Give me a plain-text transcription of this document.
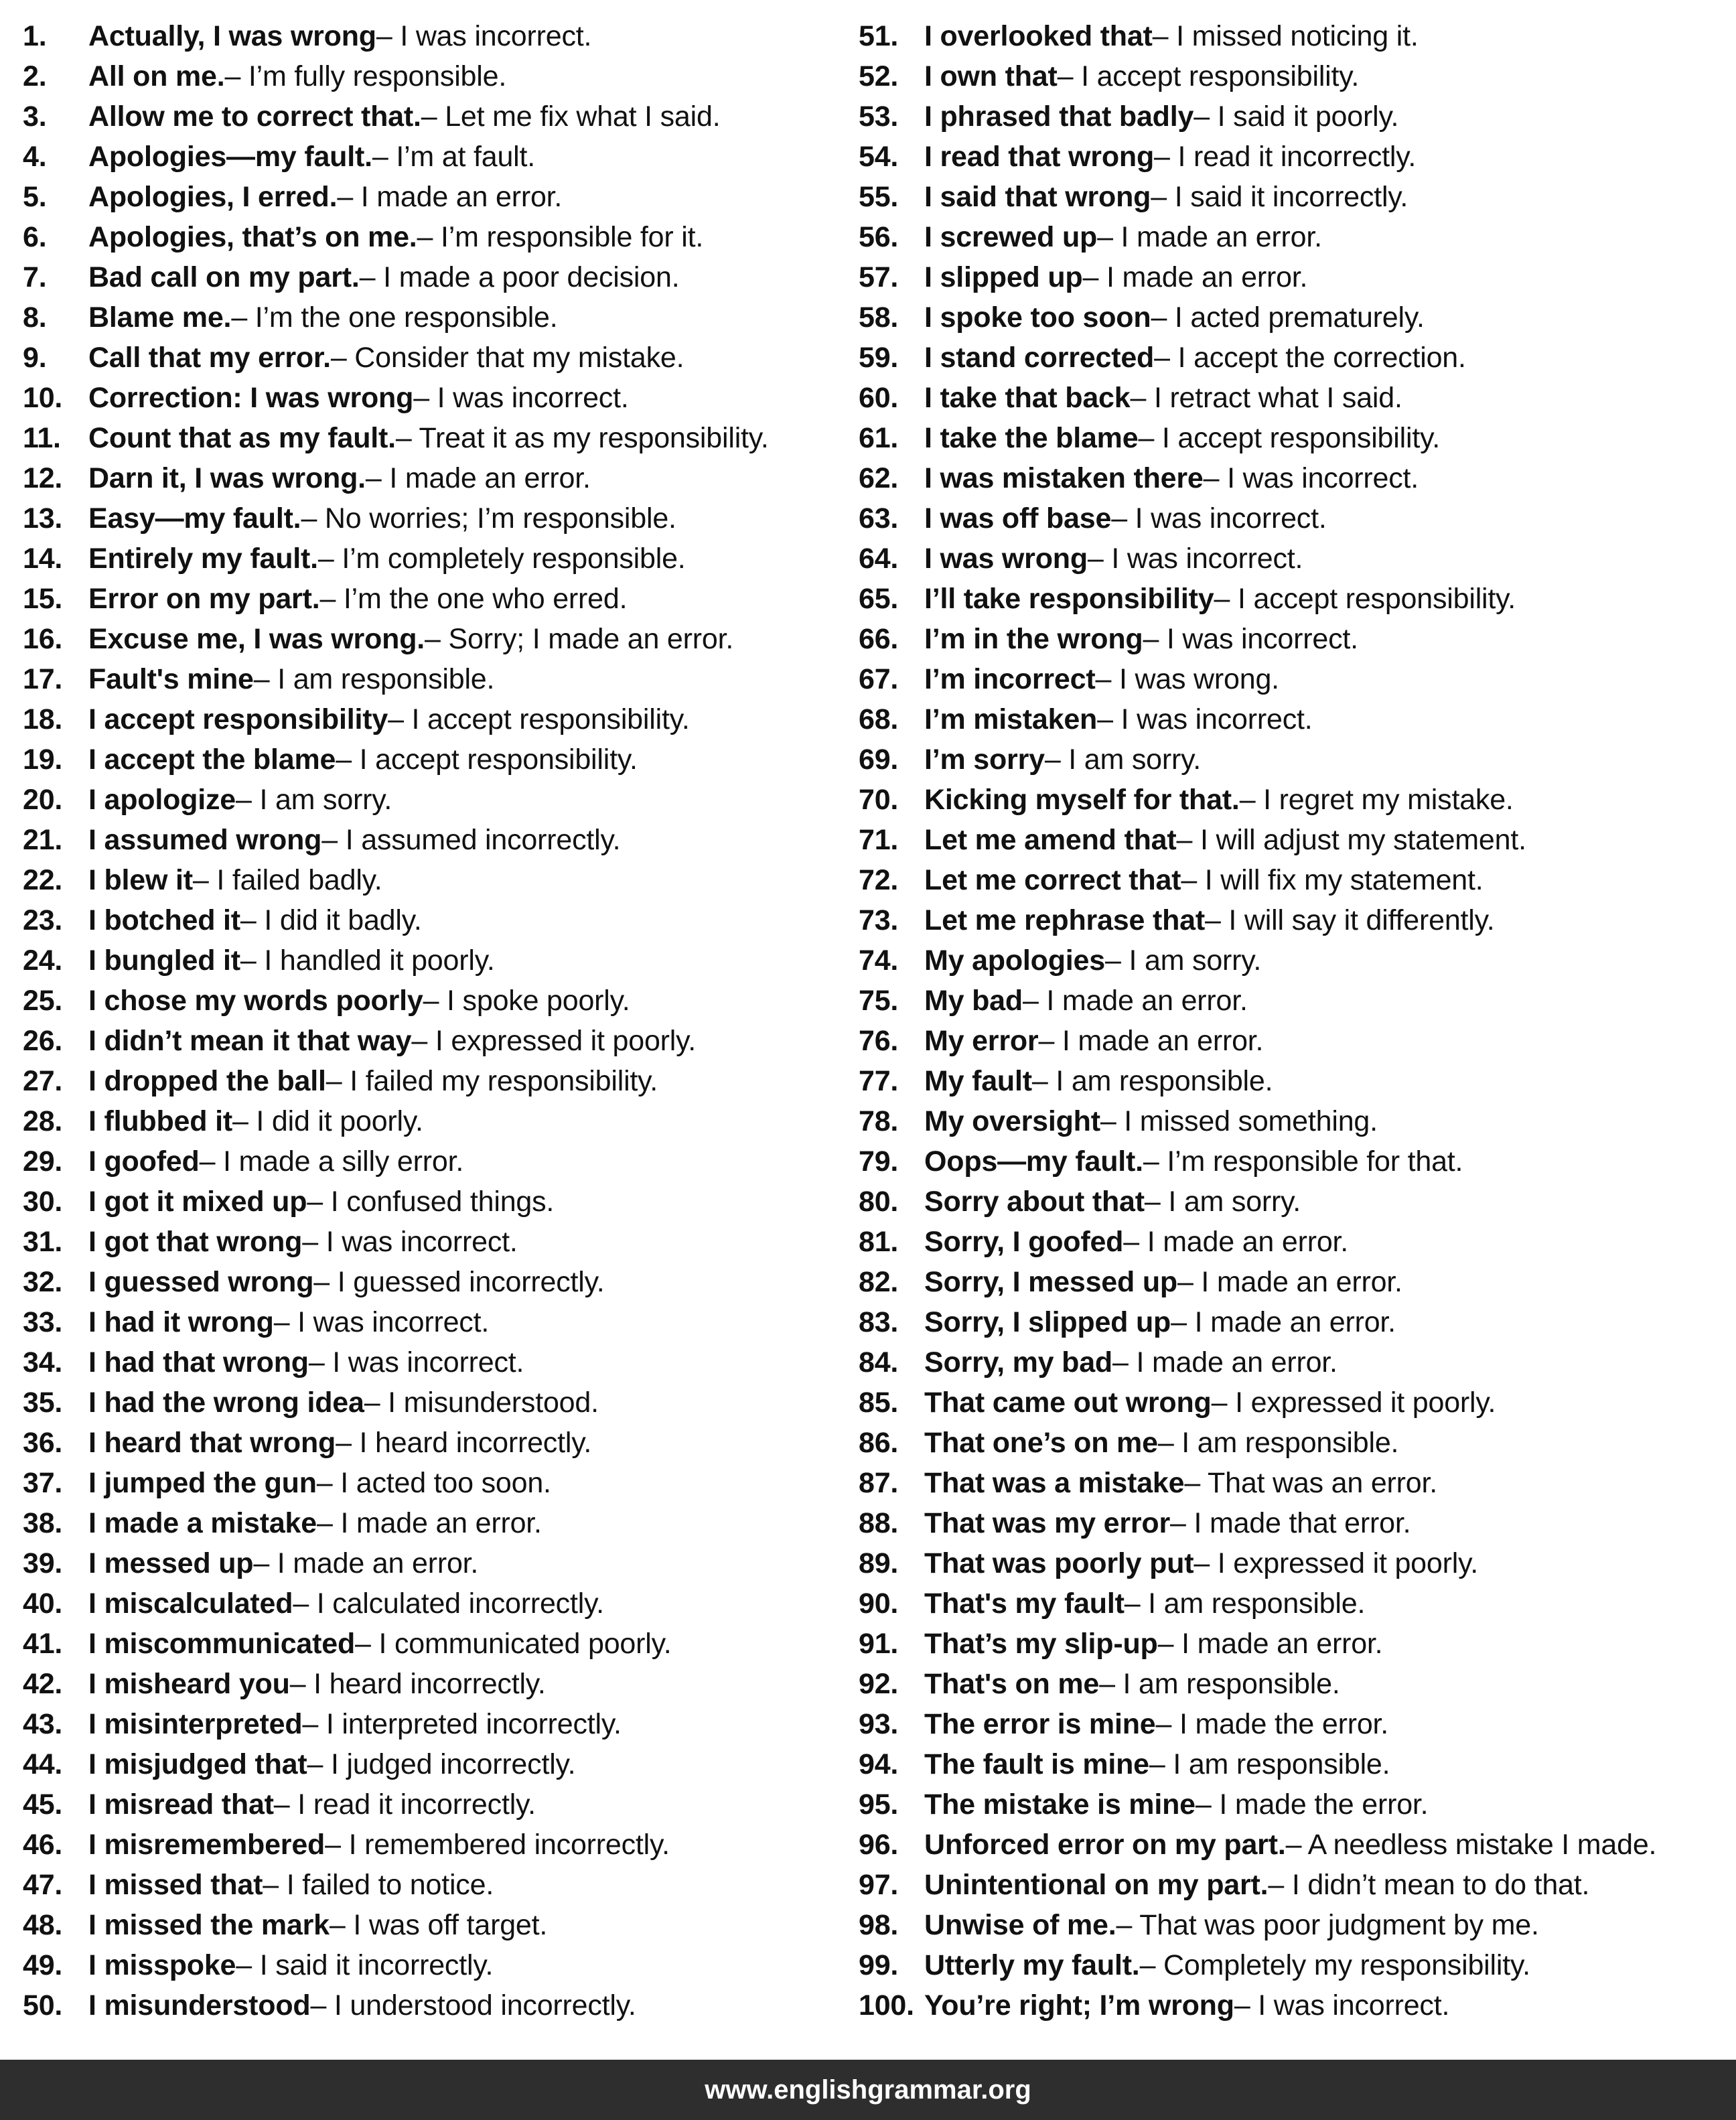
1.	Actually, I was wrong – I was incorrect.
2.	All on me. – I’m fully responsible.
3.	Allow me to correct that. – Let me fix what I said.
4.	Apologies—my fault. – I’m at fault.
5.	Apologies, I erred. – I made an error.
6.	Apologies, that’s on me. – I’m responsible for it.
7.	Bad call on my part. – I made a poor decision.
8.	Blame me. – I’m the one responsible.
9.	Call that my error. – Consider that my mistake.
10. Correction: I was wrong – I was incorrect.
11. Count that as my fault. – Treat it as my responsibility.
12. Darn it, I was wrong. – I made an error.
13. Easy—my fault. – No worries; I’m responsible.
14. Entirely my fault. – I’m completely responsible.
15. Error on my part. – I’m the one who erred.
16. Excuse me, I was wrong. – Sorry; I made an error.
17. Fault's mine – I am responsible.
18. I accept responsibility – I accept responsibility.
19. I accept the blame – I accept responsibility.
20. I apologize – I am sorry.
21. I assumed wrong – I assumed incorrectly.
22. I blew it – I failed badly.
23. I botched it – I did it badly.
24. I bungled it – I handled it poorly.
25. I chose my words poorly – I spoke poorly.
26. I didn’t mean it that way – I expressed it poorly.
27. I dropped the ball – I failed my responsibility.
28. I flubbed it – I did it poorly.
29. I goofed – I made a silly error.
30. I got it mixed up – I confused things.
31. I got that wrong – I was incorrect.
32. I guessed wrong – I guessed incorrectly.
33. I had it wrong – I was incorrect.
34. I had that wrong – I was incorrect.
35. I had the wrong idea – I misunderstood.
36. I heard that wrong – I heard incorrectly.
37. I jumped the gun – I acted too soon.
38. I made a mistake – I made an error.
39. I messed up – I made an error.
40. I miscalculated – I calculated incorrectly.
41. I miscommunicated – I communicated poorly.
42. I misheard you – I heard incorrectly.
43. I misinterpreted – I interpreted incorrectly.
44. I misjudged that – I judged incorrectly.
45. I misread that – I read it incorrectly.
46. I misremembered – I remembered incorrectly.
47. I missed that – I failed to notice.
48. I missed the mark – I was off target.
49. I misspoke – I said it incorrectly.
50. I misunderstood – I understood incorrectly.
51. I overlooked that – I missed noticing it.
52. I own that – I accept responsibility.
53. I phrased that badly – I said it poorly.
54. I read that wrong – I read it incorrectly.
55. I said that wrong – I said it incorrectly.
56. I screwed up – I made an error.
57. I slipped up – I made an error.
58. I spoke too soon – I acted prematurely.
59. I stand corrected – I accept the correction.
60. I take that back – I retract what I said.
61. I take the blame – I accept responsibility.
62. I was mistaken there – I was incorrect.
63. I was off base – I was incorrect.
64. I was wrong – I was incorrect.
65. I’ll take responsibility – I accept responsibility.
66. I’m in the wrong – I was incorrect.
67. I’m incorrect – I was wrong.
68. I’m mistaken – I was incorrect.
69. I’m sorry – I am sorry.
70. Kicking myself for that. – I regret my mistake.
71. Let me amend that – I will adjust my statement.
72. Let me correct that – I will fix my statement.
73. Let me rephrase that – I will say it differently.
74. My apologies – I am sorry.
75. My bad – I made an error.
76. My error – I made an error.
77. My fault – I am responsible.
78. My oversight – I missed something.
79. Oops—my fault. – I’m responsible for that.
80. Sorry about that – I am sorry.
81. Sorry, I goofed – I made an error.
82. Sorry, I messed up – I made an error.
83. Sorry, I slipped up – I made an error.
84. Sorry, my bad – I made an error.
85. That came out wrong – I expressed it poorly.
86. That one’s on me – I am responsible.
87. That was a mistake – That was an error.
88. That was my error – I made that error.
89. That was poorly put – I expressed it poorly.
90. That's my fault – I am responsible.
91. That’s my slip-up – I made an error.
92. That's on me – I am responsible.
93. The error is mine – I made the error.
94. The fault is mine – I am responsible.
95. The mistake is mine – I made the error.
96. Unforced error on my part. – A needless mistake I made.
97. Unintentional on my part. – I didn’t mean to do that.
98. Unwise of me. – That was poor judgment by me.
99. Utterly my fault. – Completely my responsibility.
100. You’re right; I’m wrong – I was incorrect.
www.englishgrammar.org
